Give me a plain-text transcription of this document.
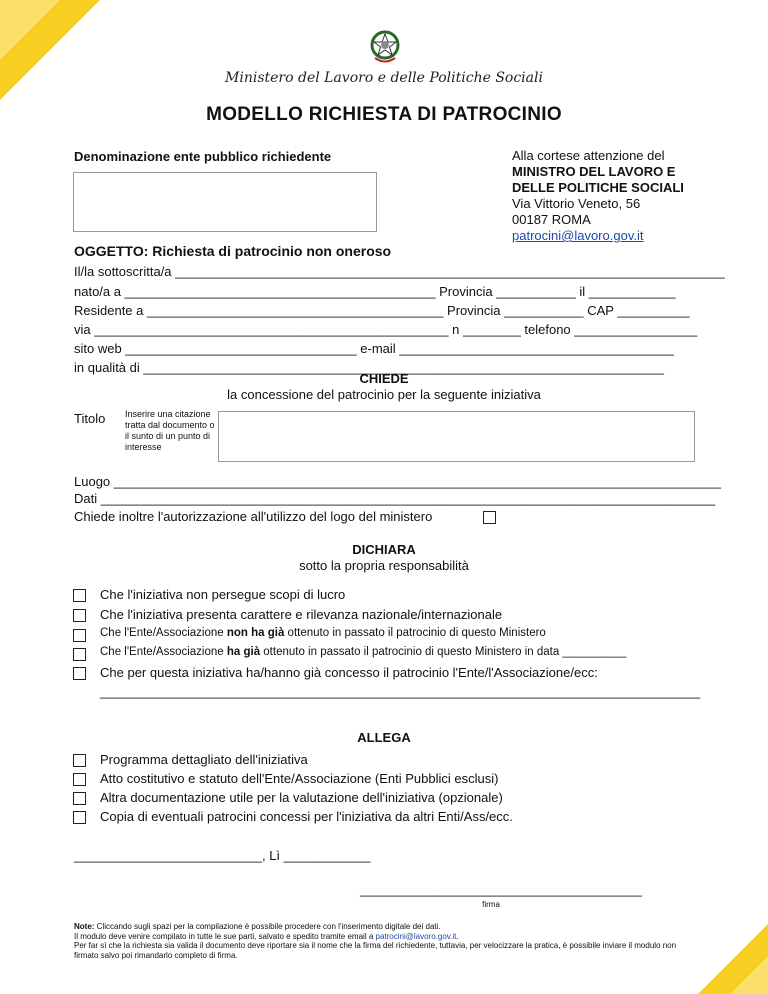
Ministero del Lavoro e delle Politiche Sociali
MODELLO RICHIESTA DI PATROCINIO
Denominazione ente pubblico richiedente	Alla cortese attenzione del

MINISTRO DEL LAVORO E
DELLE POLITICHE SOCIALI
Via Vittorio Veneto, 56
00187 ROMA
patrocini@lavoro.gov.it
OGGETTO: Richiesta di patrocinio non oneroso
Il/la sottoscritta/a ____________________________________________________________________________
nato/a a ___________________________________________ Provincia ___________ il ____________
Residente a _________________________________________ Provincia ___________ CAP __________
via _________________________________________________ n ________ telefono _________________
sito web ________________________________ e-mail ______________________________________
in qualità di ________________________________________________________________________
CHIEDE
la concessione del patrocinio per la seguente iniziativa
Titolo Inserire una citazione tratta dal documento o il sunto di un punto di interesse
Luogo ____________________________________________________________________________________
Dati _____________________________________________________________________________________
Chiede inoltre l'autorizzazione all'utilizzo del logo del ministero
DICHIARA
sotto la propria responsabilità
Che l'iniziativa non persegue scopi di lucro
Che l'iniziativa presenta carattere e rilevanza nazionale/internazionale
Che l'Ente/Associazione non ha già ottenuto in passato il patrocinio di questo Ministero
Che l'Ente/Associazione ha già ottenuto in passato il patrocinio di questo Ministero in data __________
Che per questa iniziativa ha/hanno già concesso il patrocinio l'Ente/l'Associazione/ecc:
___________________________________________________________________________________
ALLEGA
Programma dettagliato dell'iniziativa
Atto costitutivo e statuto dell'Ente/Associazione (Enti Pubblici esclusi)
Altra documentazione utile per la valutazione dell'iniziativa (opzionale)
Copia di eventuali patrocini concessi per l'iniziativa da altri Enti/Ass/ecc.
__________________________, Lì ____________
_______________________________________
firma
Note: Cliccando sugli spazi per la compilazione è possibile procedere con l'inserimento digitale dei dati.
Il modulo deve venire compilato in tutte le sue parti, salvato e spedito tramite email a patrocini@lavoro.gov.it.
Per far sì che la richiesta sia valida il documento deve riportare sia il nome che la firma del richiedente, tuttavia, per velocizzare la pratica, è possibile inviare il modulo non firmato salvo poi rimandarlo completo di firma.
